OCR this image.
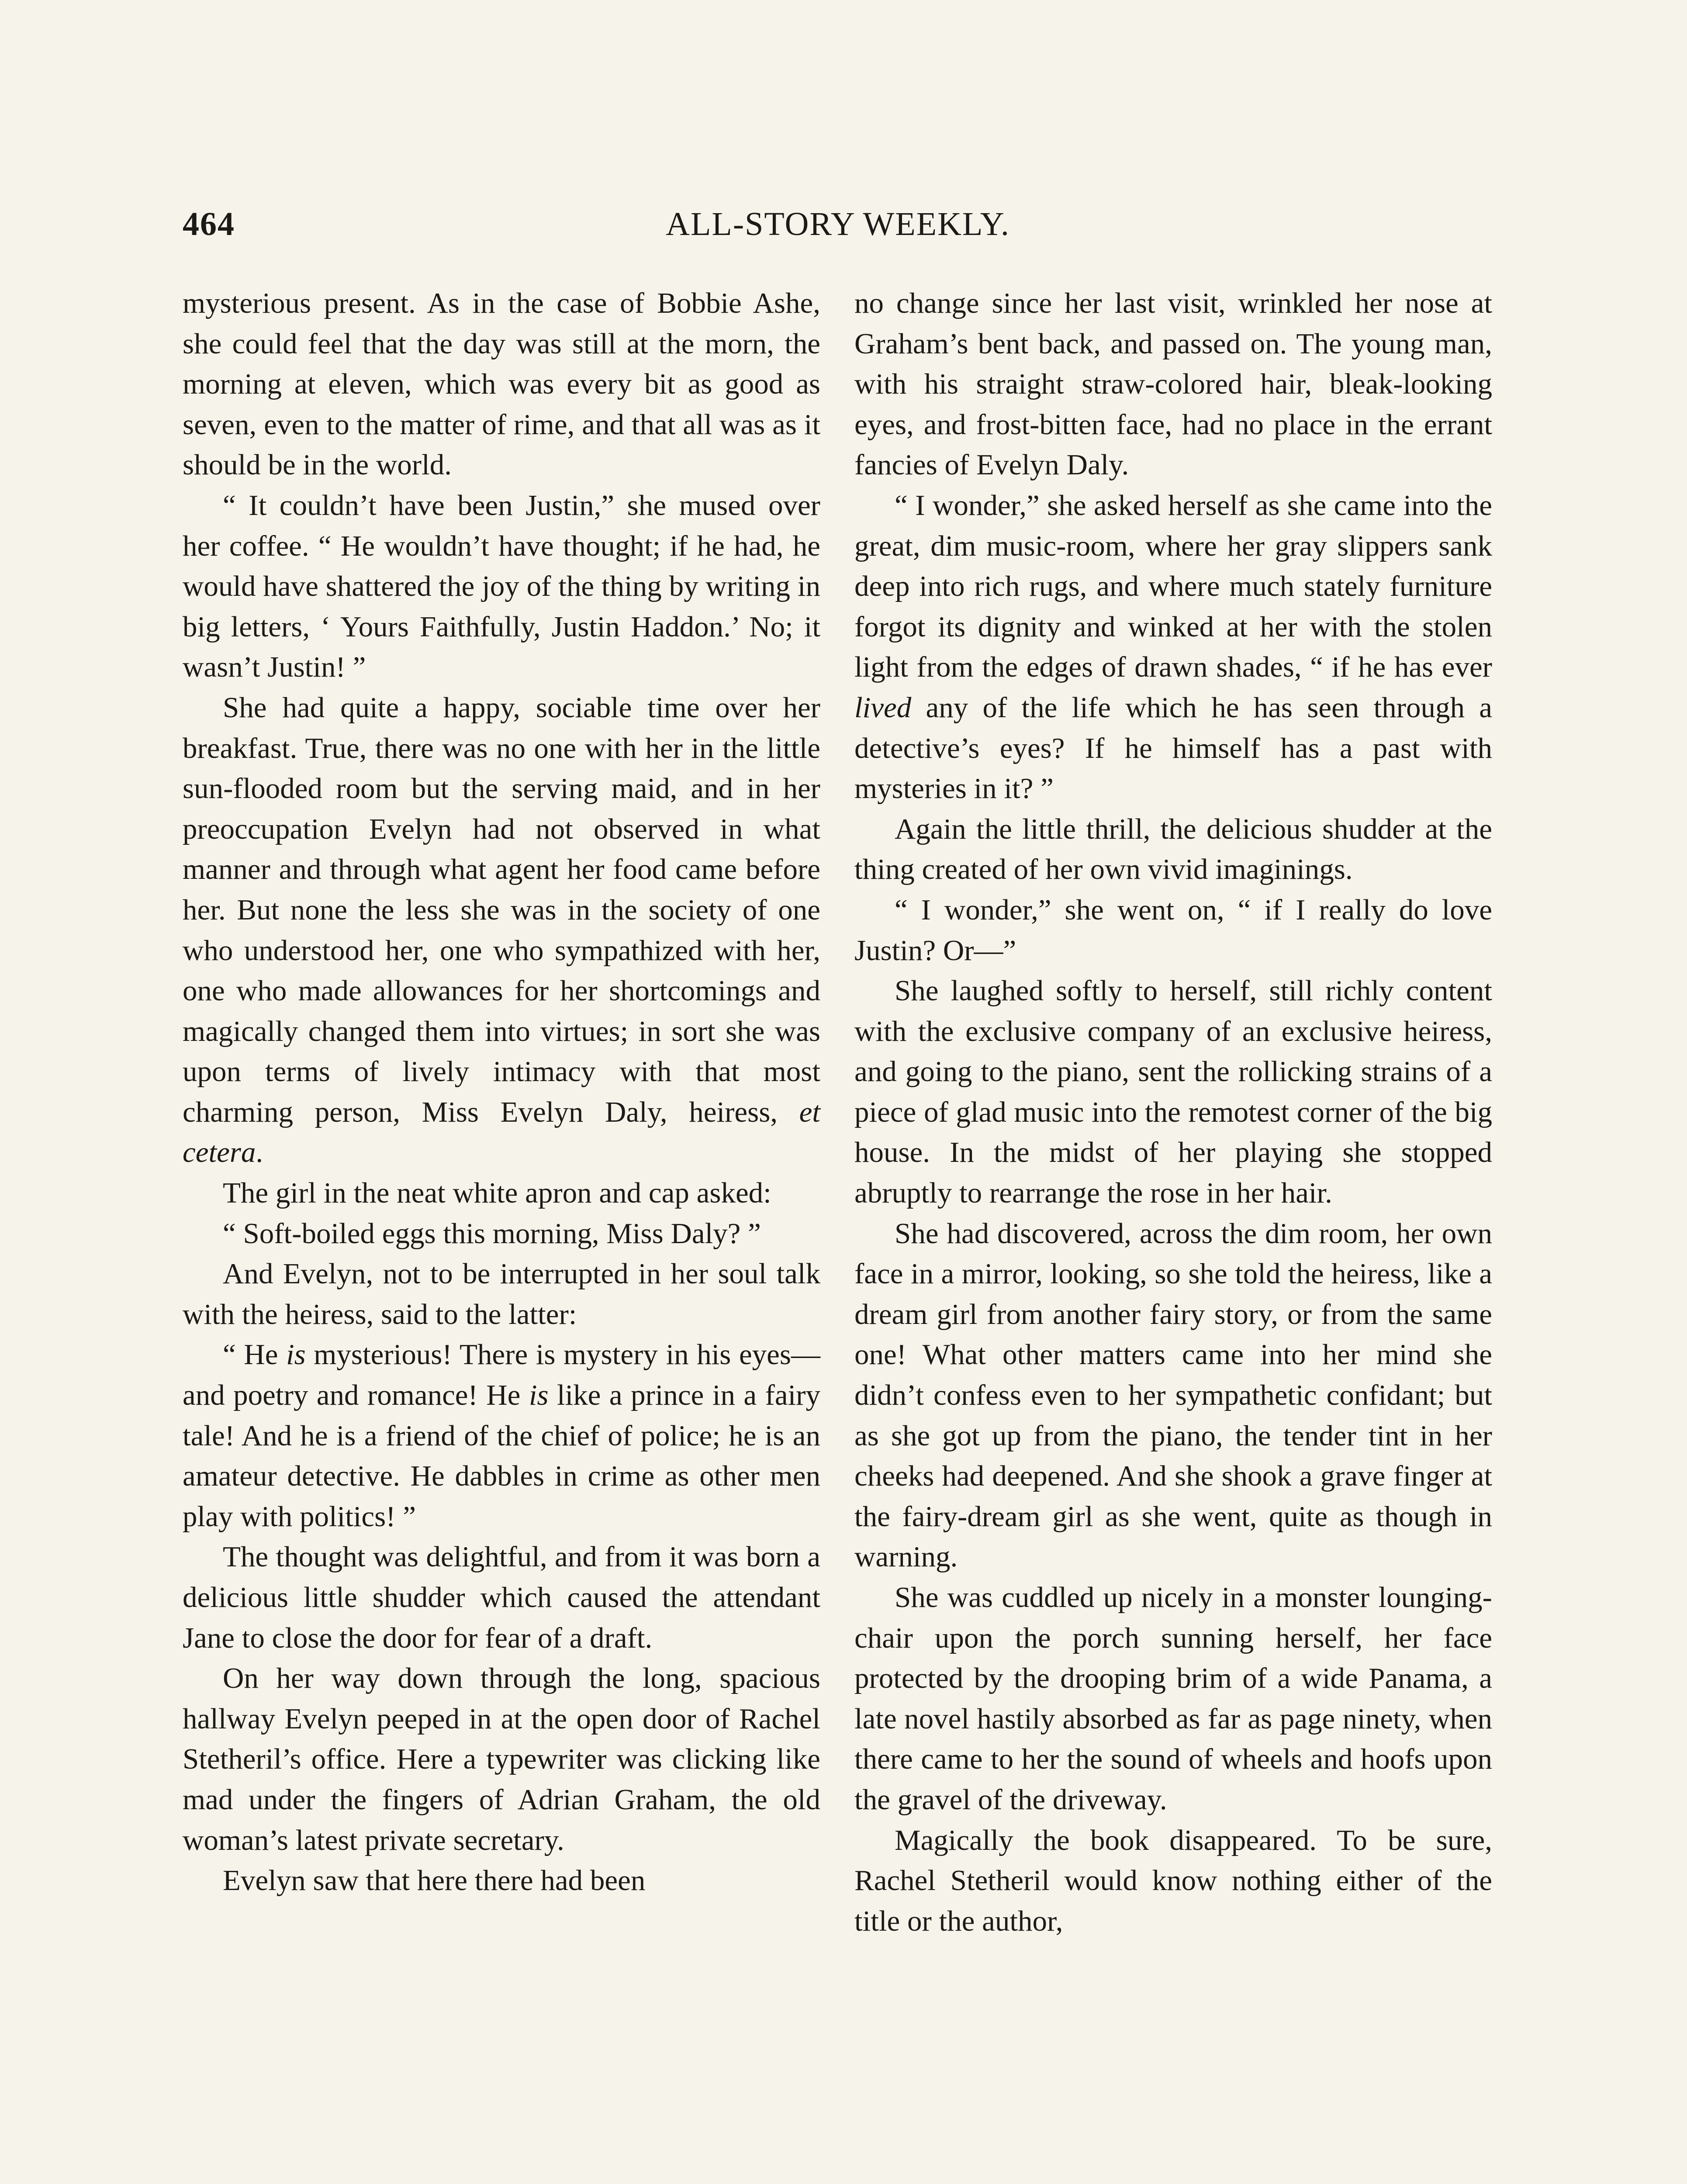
464	ALL-STORY WEEKLY.

mysterious present. As in the case of Bobbie Ashe, she could feel that the day was still at the morn, the morning at eleven, which was every bit as good as seven, even to the matter of rime, and that all was as it should be in the world.

“ It couldn’t have been Justin,” she mused over her coffee. “ He wouldn’t have thought; if he had, he would have shattered the joy of the thing by writing in big letters, ‘ Yours Faithfully, Justin Haddon.’ No; it wasn’t Justin! ”

She had quite a happy, sociable time over her breakfast. True, there was no one with her in the little sun-flooded room but the serving maid, and in her preoccupation Evelyn had not observed in what manner and through what agent her food came before her. But none the less she was in the society of one who understood her, one who sympathized with her, one who made allowances for her shortcomings and magically changed them into virtues; in sort she was upon terms of lively intimacy with that most charming person, Miss Evelyn Daly, heiress, et cetera.

The girl in the neat white apron and cap asked:

“ Soft-boiled eggs this morning, Miss Daly? ”

And Evelyn, not to be interrupted in her soul talk with the heiress, said to the latter:

“ He is mysterious! There is mystery in his eyes—and poetry and romance! He is like a prince in a fairy tale! And he is a friend of the chief of police; he is an amateur detective. He dabbles in crime as other men play with politics! ”

The thought was delightful, and from it was born a delicious little shudder which caused the attendant Jane to close the door for fear of a draft.

On her way down through the long, spacious hallway Evelyn peeped in at the open door of Rachel Stetheril’s office. Here a typewriter was clicking like mad under the fingers of Adrian Graham, the old woman’s latest private secretary.

Evelyn saw that here there had been

no change since her last visit, wrinkled her nose at Graham’s bent back, and passed on. The young man, with his straight straw-colored hair, bleak-looking eyes, and frost-bitten face, had no place in the errant fancies of Evelyn Daly.

“ I wonder,” she asked herself as she came into the great, dim music-room, where her gray slippers sank deep into rich rugs, and where much stately furniture forgot its dignity and winked at her with the stolen light from the edges of drawn shades, “ if he has ever lived any of the life which he has seen through a detective’s eyes? If he himself has a past with mysteries in it? ”

Again the little thrill, the delicious shudder at the thing created of her own vivid imaginings.

“ I wonder,” she went on, “ if I really do love Justin? Or—”

She laughed softly to herself, still richly content with the exclusive company of an exclusive heiress, and going to the piano, sent the rollicking strains of a piece of glad music into the remotest corner of the big house. In the midst of her playing she stopped abruptly to rearrange the rose in her hair.

She had discovered, across the dim room, her own face in a mirror, looking, so she told the heiress, like a dream girl from another fairy story, or from the same one! What other matters came into her mind she didn’t confess even to her sympathetic confidant; but as she got up from the piano, the tender tint in her cheeks had deepened. And she shook a grave finger at the fairy-dream girl as she went, quite as though in warning.

She was cuddled up nicely in a monster lounging-chair upon the porch sunning herself, her face protected by the drooping brim of a wide Panama, a late novel hastily absorbed as far as page ninety, when there came to her the sound of wheels and hoofs upon the gravel of the driveway.

Magically the book disappeared. To be sure, Rachel Stetheril would know nothing either of the title or the author,
